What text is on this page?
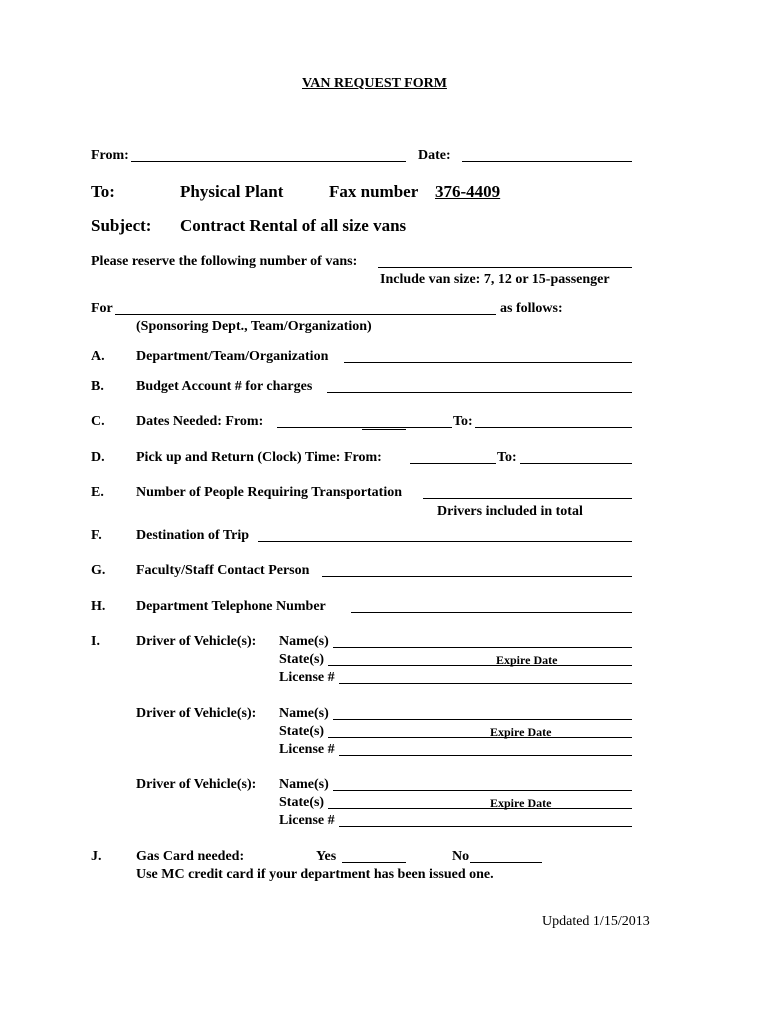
VAN REQUEST FORM
From:	Date:
To:	Physical Plant	Fax number 376-4409
Subject: Contract Rental of all size vans
Please reserve the following number of vans:
Include van size: 7, 12 or 15-passenger
For	as follows:
(Sponsoring Dept., Team/Organization)
A. Department/Team/Organization
B. Budget Account # for charges
C. Dates Needed: From:	To:
D. Pick up and Return (Clock) Time: From:	To:
E. Number of People Requiring Transportation
Drivers included in total
F. Destination of Trip
G. Faculty/Staff Contact Person
H. Department Telephone Number
I.	Driver of Vehicle(s): Name(s)
State(s)	Expire Date
License #
Driver of Vehicle(s): Name(s)
State(s)	Expire Date
License #
Driver of Vehicle(s): Name(s)
State(s)	Expire Date
License #
J. Gas Card needed:	Yes	No
Use MC credit card if your department has been issued one.
Updated 1/15/2013
